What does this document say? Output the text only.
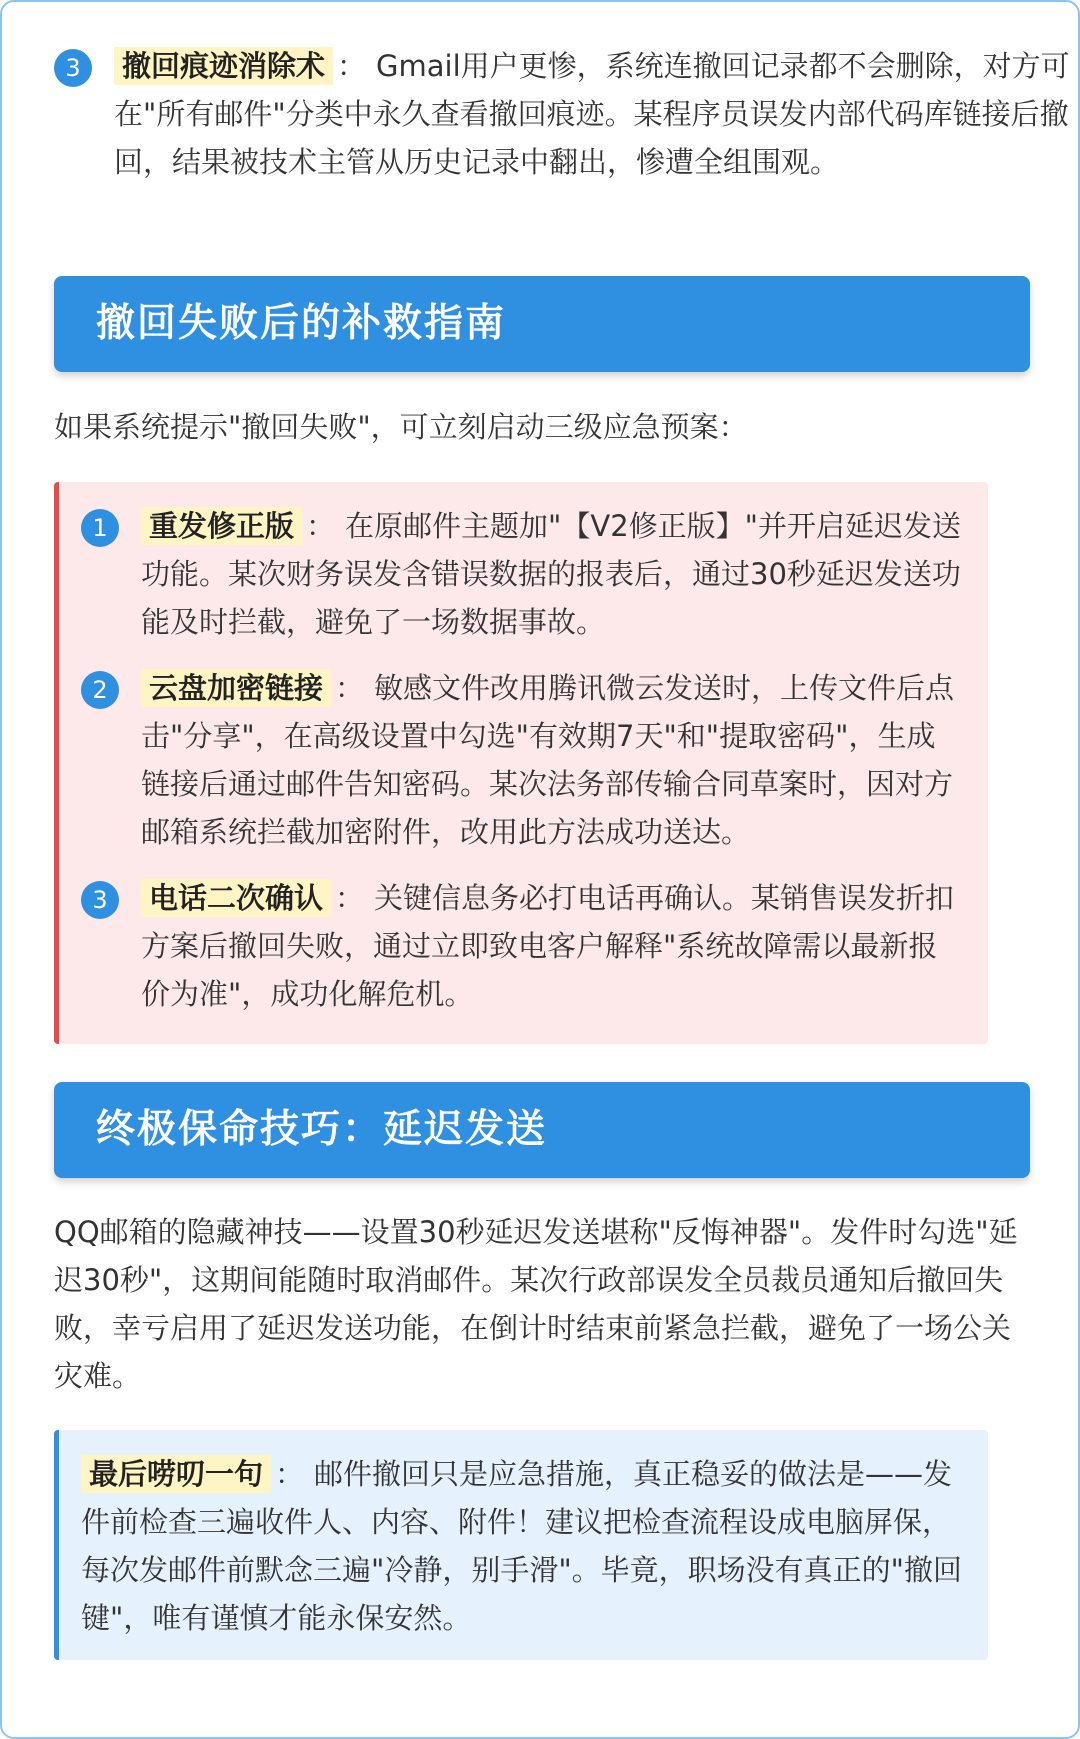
3	撤回痕迹消除术 ： Gmail用户更惨，系统连撤回记录都不会删除，对方可在"所有邮件"分类中永久查看撤回痕迹。某程序员误发内部代码库链接后撤回，结果被技术主管从历史记录中翻出，惨遭全组围观。
撤回失败后的补救指南

如果系统提示"撤回失败"，可立刻启动三级应急预案：

1	重发修正版 ： 在原邮件主题加"【V2修正版】"并开启延迟发送功能。某次财务误发含错误数据的报表后，通过30秒延迟发送功能及时拦截，避免了一场数据事故。
2	云盘加密链接 ： 敏感文件改用腾讯微云发送时，上传文件后点击"分享"，在高级设置中勾选"有效期7天"和"提取密码"，生成链接后通过邮件告知密码。某次法务部传输合同草案时，因对方邮箱系统拦截加密附件，改用此方法成功送达。
3	电话二次确认 ： 关键信息务必打电话再确认。某销售误发折扣方案后撤回失败，通过立即致电客户解释"系统故障需以最新报价为准"，成功化解危机。
终极保命技巧：延迟发送

QQ邮箱的隐藏神技——设置30秒延迟发送堪称"反悔神器"。发件时勾选"延迟30秒"，这期间能随时取消邮件。某次行政部误发全员裁员通知后撤回失败，幸亏启用了延迟发送功能，在倒计时结束前紧急拦截，避免了一场公关灾难。

最后唠叨一句 ： 邮件撤回只是应急措施，真正稳妥的做法是——发件前检查三遍收件人、内容、附件！建议把检查流程设成电脑屏保，每次发邮件前默念三遍"冷静，别手滑"。毕竟，职场没有真正的"撤回键"，唯有谨慎才能永保安然。
